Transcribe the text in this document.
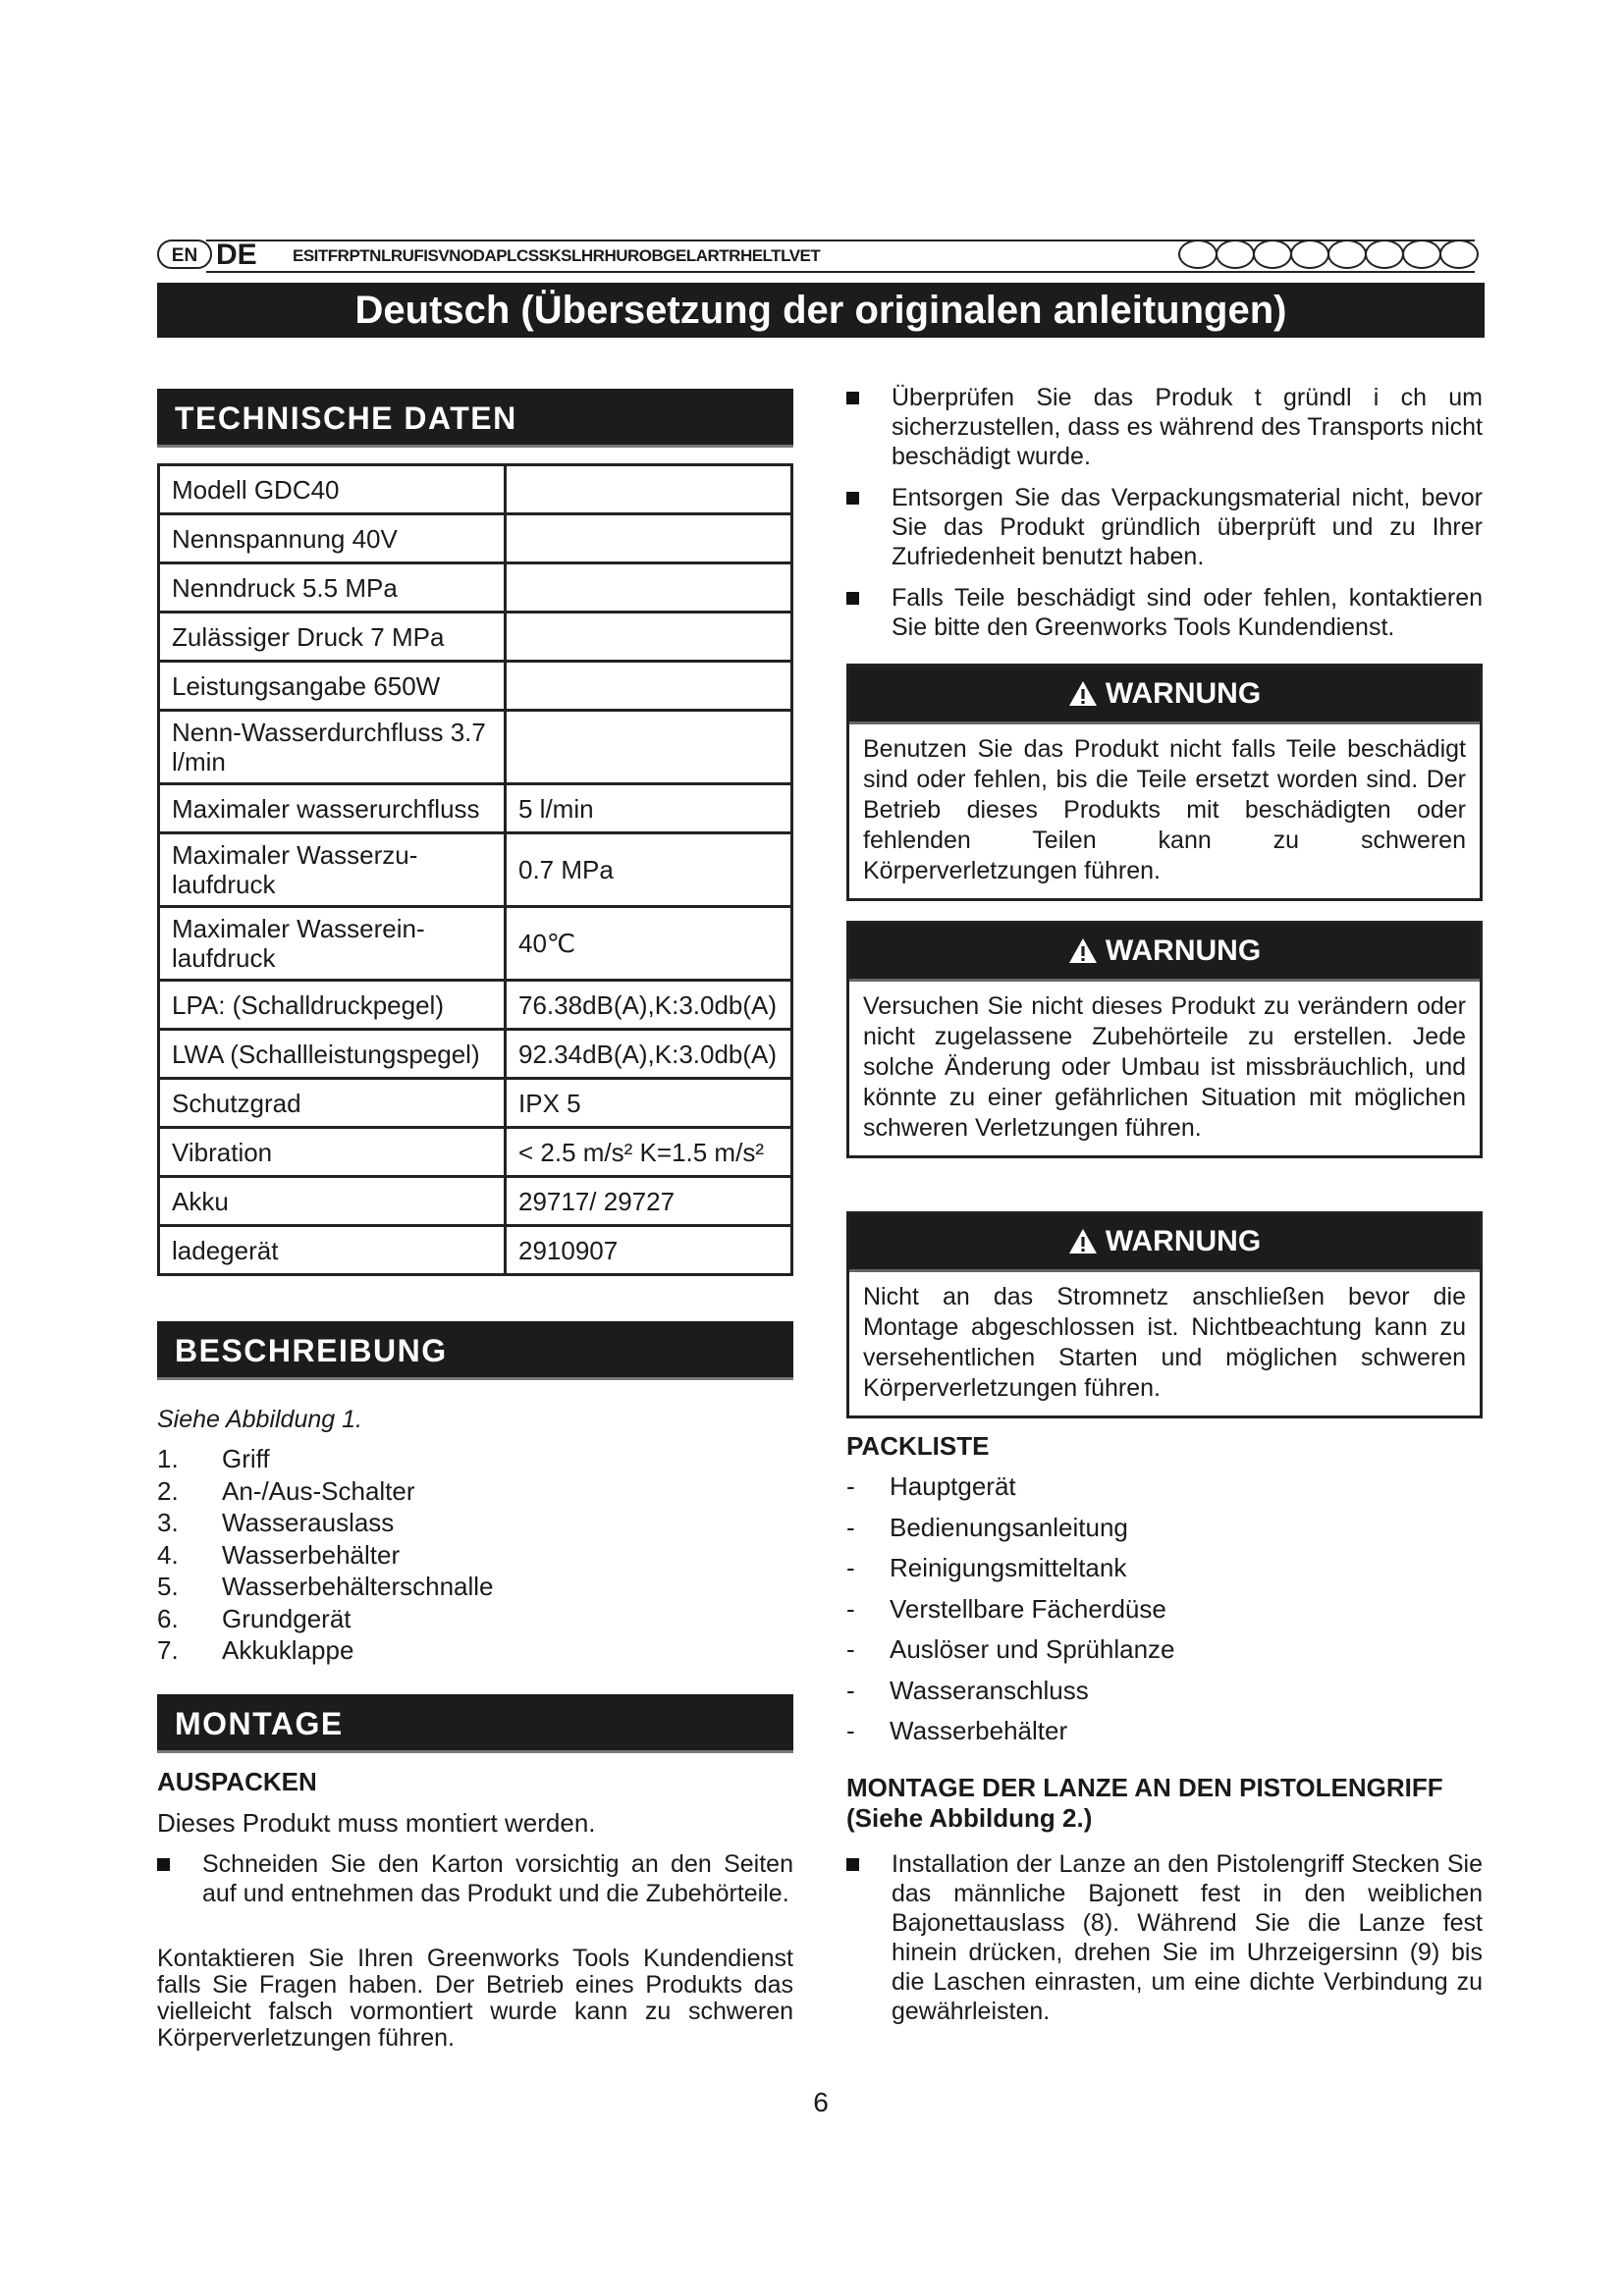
DE ESITFRPTNLRUFISVNODAPLCSSKSLHRHUROBGELARTRHELTLVET
EN
Deutsch (Übersetzung der originalen anleitungen)
TECHNISCHE DATEN
Modell GDC40	
Nennspannung 40V	
Nenndruck 5.5 MPa	
Zulässiger Druck 7 MPa	
Leistungsangabe 650W	
Nenn-Wasserdurchfluss 3.7 l/min	
Maximaler wasserurchfluss	5 l/min
Maximaler Wasserzu-laufdruck	0.7 MPa
Maximaler Wasserein-laufdruck	40℃
LPA: (Schalldruckpegel)	76.38dB(A),K:3.0db(A)
LWA (Schallleistungspegel)	92.34dB(A),K:3.0db(A)
Schutzgrad	IPX 5
Vibration	< 2.5 m/s² K=1.5 m/s²
Akku	29717/ 29727
ladegerät	2910907
BESCHREIBUNG
Siehe Abbildung 1.
1.	Griff
2.	An-/Aus-Schalter
3.	Wasserauslass
4.	Wasserbehälter
5.	Wasserbehälterschnalle
6.	Grundgerät
7.	Akkuklappe
MONTAGE
AUSPACKEN
Dieses Produkt muss montiert werden.
Schneiden Sie den Karton vorsichtig an den Seiten auf und entnehmen das Produkt und die Zubehörteile.
Kontaktieren Sie Ihren Greenworks Tools Kundendienst falls Sie Fragen haben. Der Betrieb eines Produkts das vielleicht falsch vormontiert wurde kann zu schweren Körperverletzungen führen.
Überprüfen Sie das Produk t gründl i ch um sicherzustellen, dass es während des Transports nicht beschädigt wurde.
Entsorgen Sie das Verpackungsmaterial nicht, bevor Sie das Produkt gründlich überprüft und zu Ihrer Zufriedenheit benutzt haben.
Falls Teile beschädigt sind oder fehlen, kontaktieren Sie bitte den Greenworks Tools Kundendienst.
WARNUNG
Benutzen Sie das Produkt nicht falls Teile beschädigt sind oder fehlen, bis die Teile ersetzt worden sind. Der Betrieb dieses Produkts mit beschädigten oder fehlenden Teilen kann zu schweren Körperverletzungen führen.
WARNUNG
Versuchen Sie nicht dieses Produkt zu verändern oder nicht zugelassene Zubehörteile zu erstellen. Jede solche Änderung oder Umbau ist missbräuchlich, und könnte zu einer gefährlichen Situation mit möglichen schweren Verletzungen führen.
WARNUNG
Nicht an das Stromnetz anschließen bevor die Montage abgeschlossen ist. Nichtbeachtung kann zu versehentlichen Starten und möglichen schweren Körperverletzungen führen.
PACKLISTE
-	Hauptgerät
-	Bedienungsanleitung
-	Reinigungsmitteltank
-	Verstellbare Fächerdüse
-	Auslöser und Sprühlanze
-	Wasseranschluss
-	Wasserbehälter
MONTAGE DER LANZE AN DEN PISTOLENGRIFF
(Siehe Abbildung 2.)
Installation der Lanze an den Pistolengriff Stecken Sie das männliche Bajonett fest in den weiblichen Bajonettauslass (8). Während Sie die Lanze fest hinein drücken, drehen Sie im Uhrzeigersinn (9) bis die Laschen einrasten, um eine dichte Verbindung zu gewährleisten.
6
